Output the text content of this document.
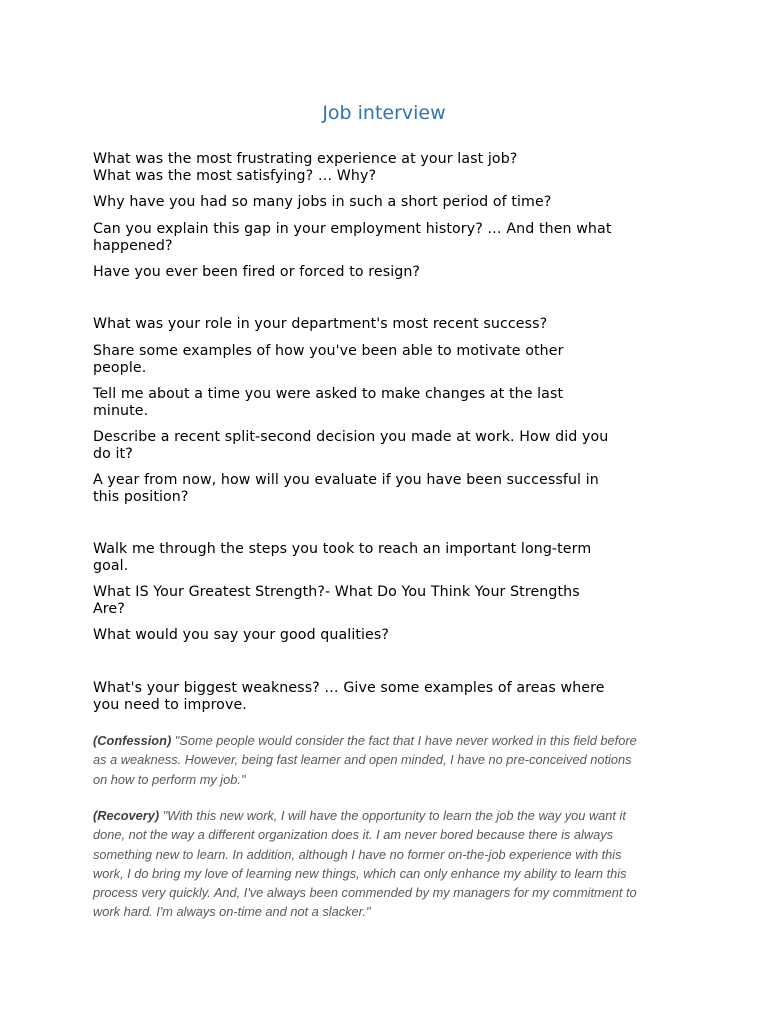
Job interview
What was the most frustrating experience at your last job?
What was the most satisfying? … Why?
Why have you had so many jobs in such a short period of time?
Can you explain this gap in your employment history? … And then what
happened?
Have you ever been fired or forced to resign?
What was your role in your department's most recent success?
Share some examples of how you've been able to motivate other
people.
Tell me about a time you were asked to make changes at the last
minute.
Describe a recent split-second decision you made at work. How did you
do it?
A year from now, how will you evaluate if you have been successful in
this position?
Walk me through the steps you took to reach an important long-term
goal.
What IS Your Greatest Strength?- What Do You Think Your Strengths
Are?
What would you say your good qualities?
What's your biggest weakness? … Give some examples of areas where
you need to improve.
(Confession) "Some people would consider the fact that I have never worked in this field before
as a weakness. However, being fast learner and open minded, I have no pre-conceived notions
on how to perform my job."
(Recovery) "With this new work, I will have the opportunity to learn the job the way you want it
done, not the way a different organization does it. I am never bored because there is always
something new to learn. In addition, although I have no former on-the-job experience with this
work, I do bring my love of learning new things, which can only enhance my ability to learn this
process very quickly. And, I've always been commended by my managers for my commitment to
work hard. I'm always on-time and not a slacker."
